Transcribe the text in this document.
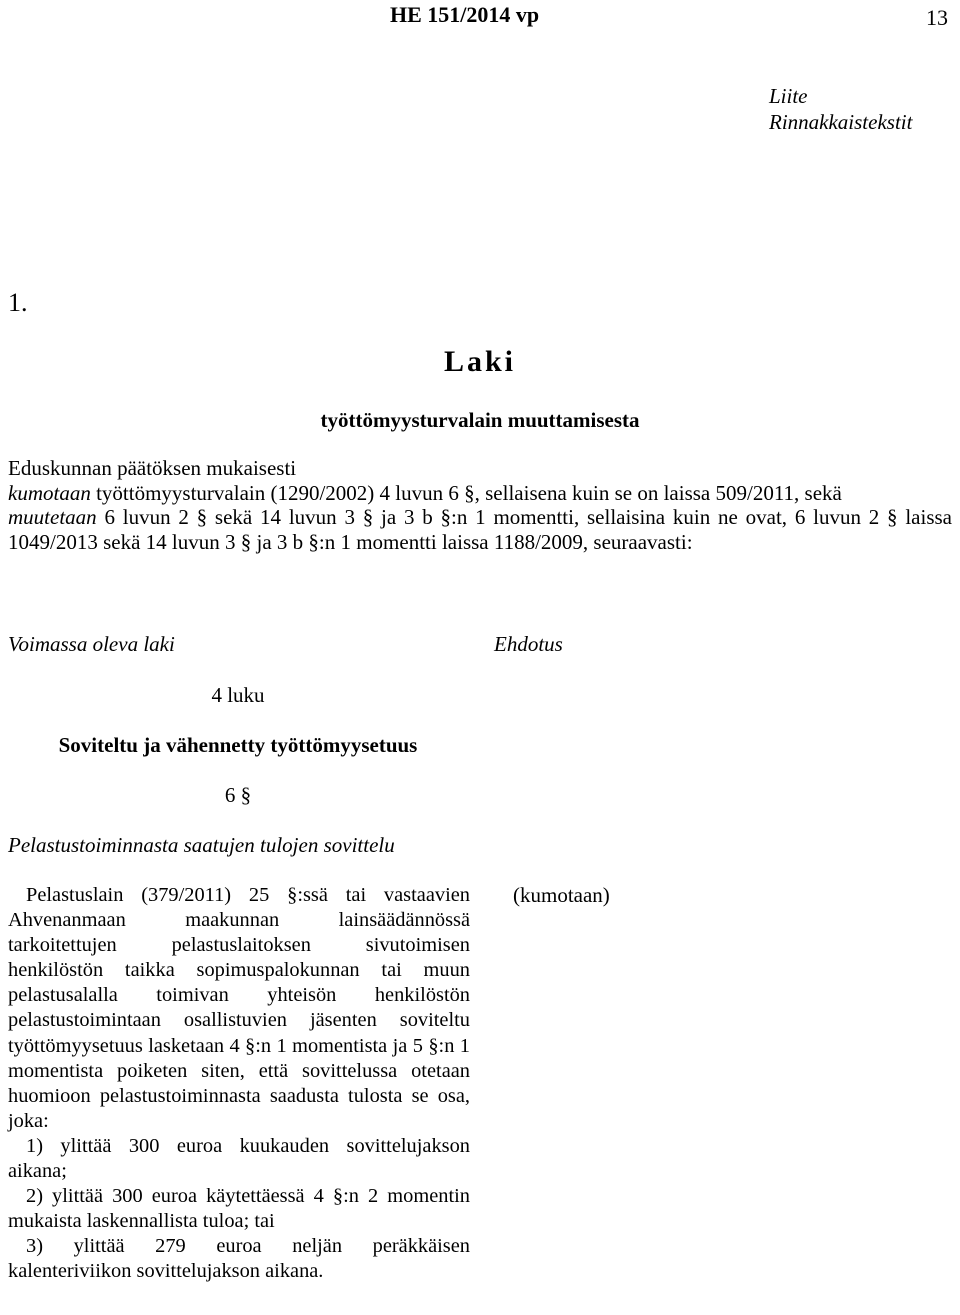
HE 151/2014 vp	13
Liite
Rinnakkaistekstit
1.
Laki
työttömyysturvalain muuttamisesta

Eduskunnan päätöksen mukaisesti

kumotaan työttömyysturvalain (1290/2002) 4 luvun 6 §, sellaisena kuin se on laissa 509/2011, sekä

muutetaan 6 luvun 2 § sekä 14 luvun 3 § ja 3 b §:n 1 momentti, sellaisina kuin ne ovat, 6 luvun 2 § laissa 1049/2013 sekä 14 luvun 3 § ja 3 b §:n 1 momentti laissa 1188/2009, seuraavasti:

Voimassa oleva laki	Ehdotus
4 luku
Soviteltu ja vähennetty työttömyysetuus
6 §
Pelastustoiminnasta saatujen tulojen sovittelu

Pelastuslain (379/2011) 25 §:ssä tai vastaavien Ahvenanmaan maakunnan lainsäädännössä tarkoitettujen pelastuslaitoksen sivutoimisen henkilöstön taikka sopimuspalokunnan tai muun pelastusalalla toimivan yhteisön henkilöstön pelastustoimintaan osallistuvien jäsenten soviteltu työttömyysetuus lasketaan 4 §:n 1 momentista ja 5 §:n 1 momentista poiketen siten, että sovittelussa otetaan huomioon pelastustoiminnasta saadusta tulosta se osa, joka:

1) ylittää 300 euroa kuukauden sovittelujakson aikana;

2) ylittää 300 euroa käytettäessä 4 §:n 2 momentin mukaista laskennallista tuloa; tai

3) ylittää 279 euroa neljän peräkkäisen kalenteriviikon sovittelujakson aikana.

(kumotaan)
